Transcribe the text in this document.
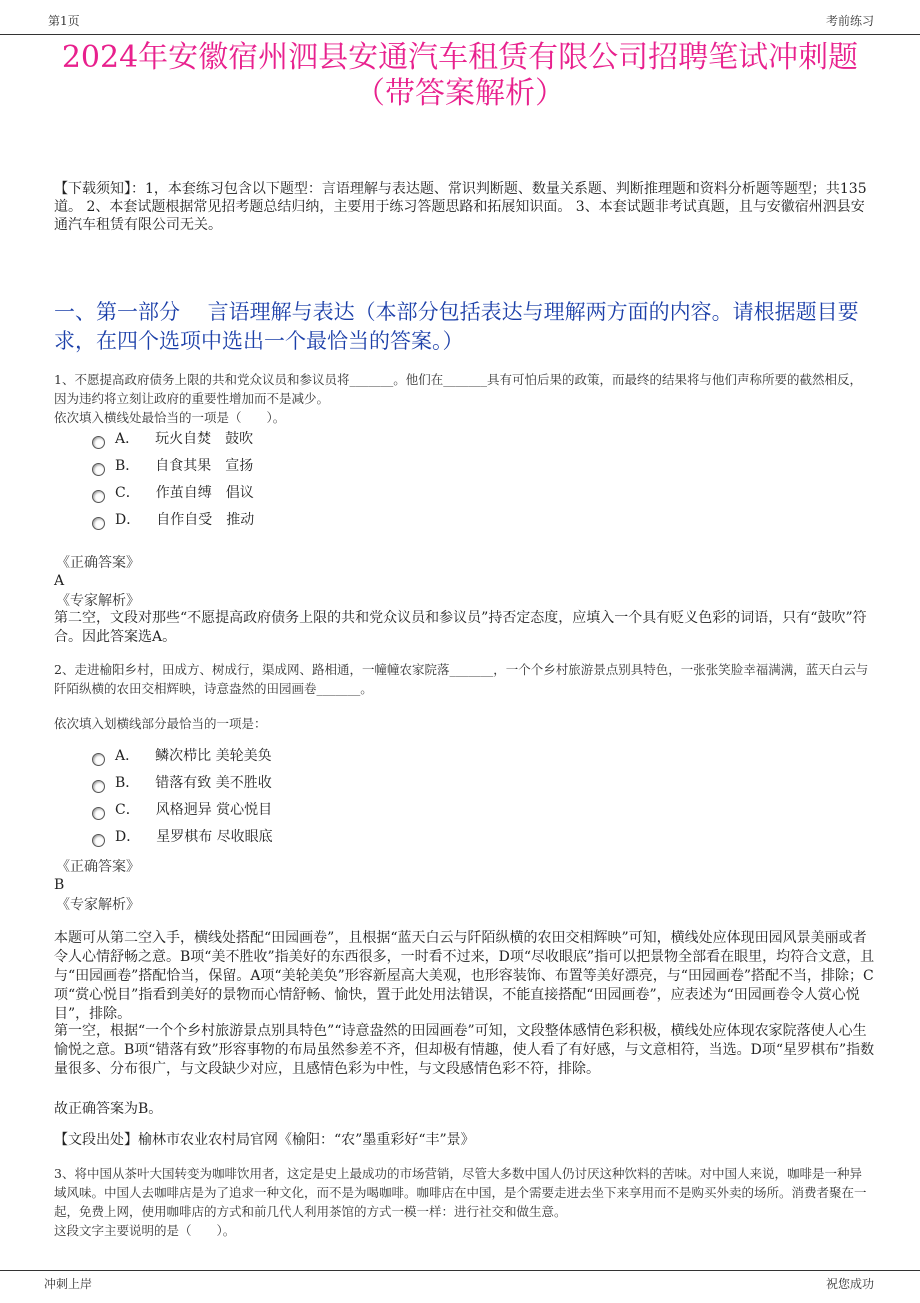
第1页	考前练习
2024年安徽宿州泗县安通汽车租赁有限公司招聘笔试冲刺题
（带答案解析）
【下载须知】：1，本套练习包含以下题型：言语理解与表达题、常识判断题、数量关系题、判断推理题和资料分析题等题型；共135道。 2、本套试题根据常见招考题总结归纳，主要用于练习答题思路和拓展知识面。 3、本套试题非考试真题，且与安徽宿州泗县安通汽车租赁有限公司无关。
一、第一部分　 言语理解与表达（本部分包括表达与理解两方面的内容。请根据题目要求，在四个选项中选出一个最恰当的答案。）
1、不愿提高政府债务上限的共和党众议员和参议员将_______。他们在_______具有可怕后果的政策，而最终的结果将与他们声称所要的截然相反，因为违约将立刻让政府的重要性增加而不是减少。
依次填入横线处最恰当的一项是（　　）。
A． 玩火自焚　鼓吹
B． 自食其果　宣扬
C． 作茧自缚　倡议
D． 自作自受　推动
《正确答案》
A
《专家解析》
第二空，文段对那些“不愿提高政府债务上限的共和党众议员和参议员”持否定态度，应填入一个具有贬义色彩的词语，只有“鼓吹”符合。因此答案选A。
2、走进榆阳乡村，田成方、树成行，渠成网、路相通，一幢幢农家院落_______，一个个乡村旅游景点别具特色，一张张笑脸幸福满满，蓝天白云与阡陌纵横的农田交相辉映，诗意盎然的田园画卷_______。
依次填入划横线部分最恰当的一项是：
A． 鳞次栉比 美轮美奂
B． 错落有致 美不胜收
C． 风格迥异 赏心悦目
D． 星罗棋布 尽收眼底
《正确答案》
B
《专家解析》
本题可从第二空入手，横线处搭配“田园画卷”，且根据“蓝天白云与阡陌纵横的农田交相辉映”可知，横线处应体现田园风景美丽或者令人心情舒畅之意。B项“美不胜收”指美好的东西很多，一时看不过来，D项“尽收眼底”指可以把景物全部看在眼里，均符合文意，且与“田园画卷”搭配恰当，保留。A项“美轮美奂”形容新屋高大美观，也形容装饰、布置等美好漂亮，与“田园画卷”搭配不当，排除；C项“赏心悦目”指看到美好的景物而心情舒畅、愉快，置于此处用法错误，不能直接搭配“田园画卷”，应表述为“田园画卷令人赏心悦目”，排除。
第一空，根据“一个个乡村旅游景点别具特色”“诗意盎然的田园画卷”可知，文段整体感情色彩积极，横线处应体现农家院落使人心生愉悦之意。B项“错落有致”形容事物的布局虽然参差不齐，但却极有情趣，使人看了有好感，与文意相符，当选。D项“星罗棋布”指数量很多、分布很广，与文段缺少对应，且感情色彩为中性，与文段感情色彩不符，排除。
故正确答案为B。
【文段出处】榆林市农业农村局官网《榆阳：“农”墨重彩好“丰”景》
3、将中国从茶叶大国转变为咖啡饮用者，这定是史上最成功的市场营销，尽管大多数中国人仍讨厌这种饮料的苦味。对中国人来说，咖啡是一种异域风味。中国人去咖啡店是为了追求一种文化，而不是为喝咖啡。咖啡店在中国，是个需要走进去坐下来享用而不是购买外卖的场所。消费者聚在一起，免费上网，使用咖啡店的方式和前几代人利用茶馆的方式一模一样：进行社交和做生意。
这段文字主要说明的是（　　）。
冲刺上岸	祝您成功
